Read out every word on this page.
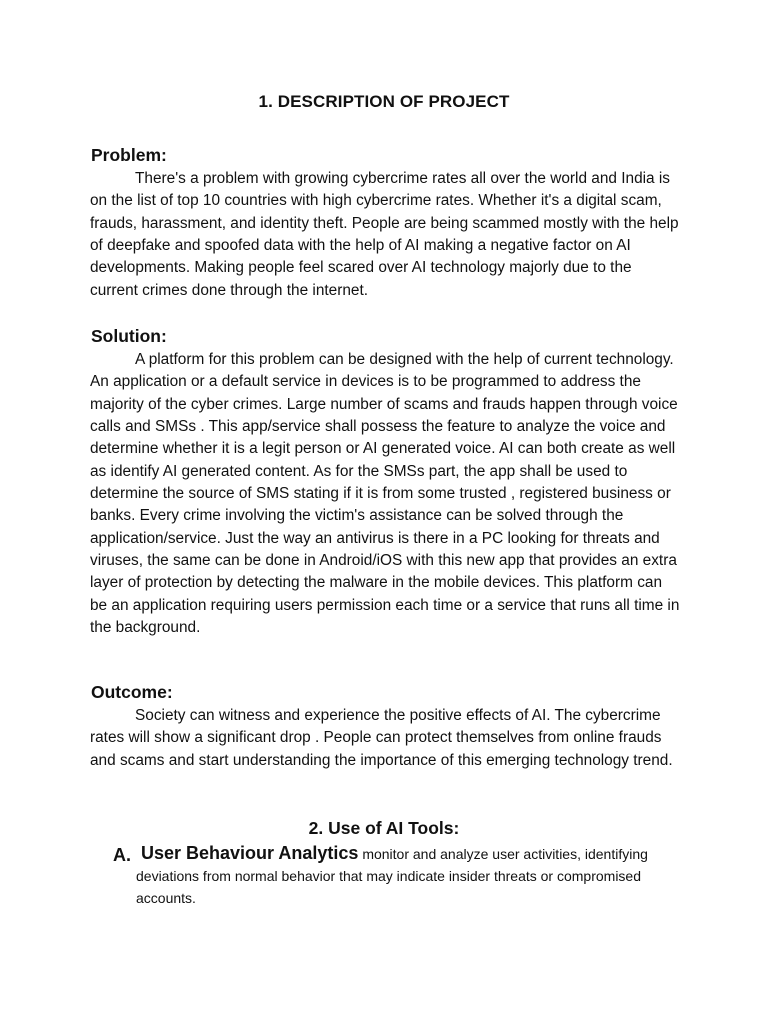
1. DESCRIPTION OF PROJECT
Problem:

There's a problem with growing cybercrime rates all over the world and India is on the list of top 10 countries with high cybercrime rates. Whether it's a digital scam, frauds, harassment, and identity theft. People are being scammed mostly with the help of deepfake and spoofed data with the help of AI making a negative factor on AI developments. Making people feel scared over AI technology majorly due to the current crimes done through the internet.

Solution:

A platform for this problem can be designed with the help of current technology. An application or a default service in devices is to be programmed to address the majority of the cyber crimes. Large number of scams and frauds happen through voice calls and SMSs . This app/service shall possess the feature to analyze the voice and determine whether it is a legit person or AI generated voice. AI can both create as well as identify AI generated content. As for the SMSs part, the app shall be used to determine the source of SMS stating if it is from some trusted , registered business or banks. Every crime involving the victim's assistance can be solved through the application/service. Just the way an antivirus is there in a PC looking for threats and viruses, the same can be done in Android/iOS with this new app that provides an extra layer of protection by detecting the malware in the mobile devices. This platform can be an application requiring users permission each time or a service that runs all time in the background.

Outcome:

Society can witness and experience the positive effects of AI. The cybercrime rates will show a significant drop . People can protect themselves from online frauds and scams and start understanding the importance of this emerging technology trend.

2. Use of AI Tools:
A. User Behaviour Analytics monitor and analyze user activities, identifying deviations from normal behavior that may indicate insider threats or compromised accounts.
